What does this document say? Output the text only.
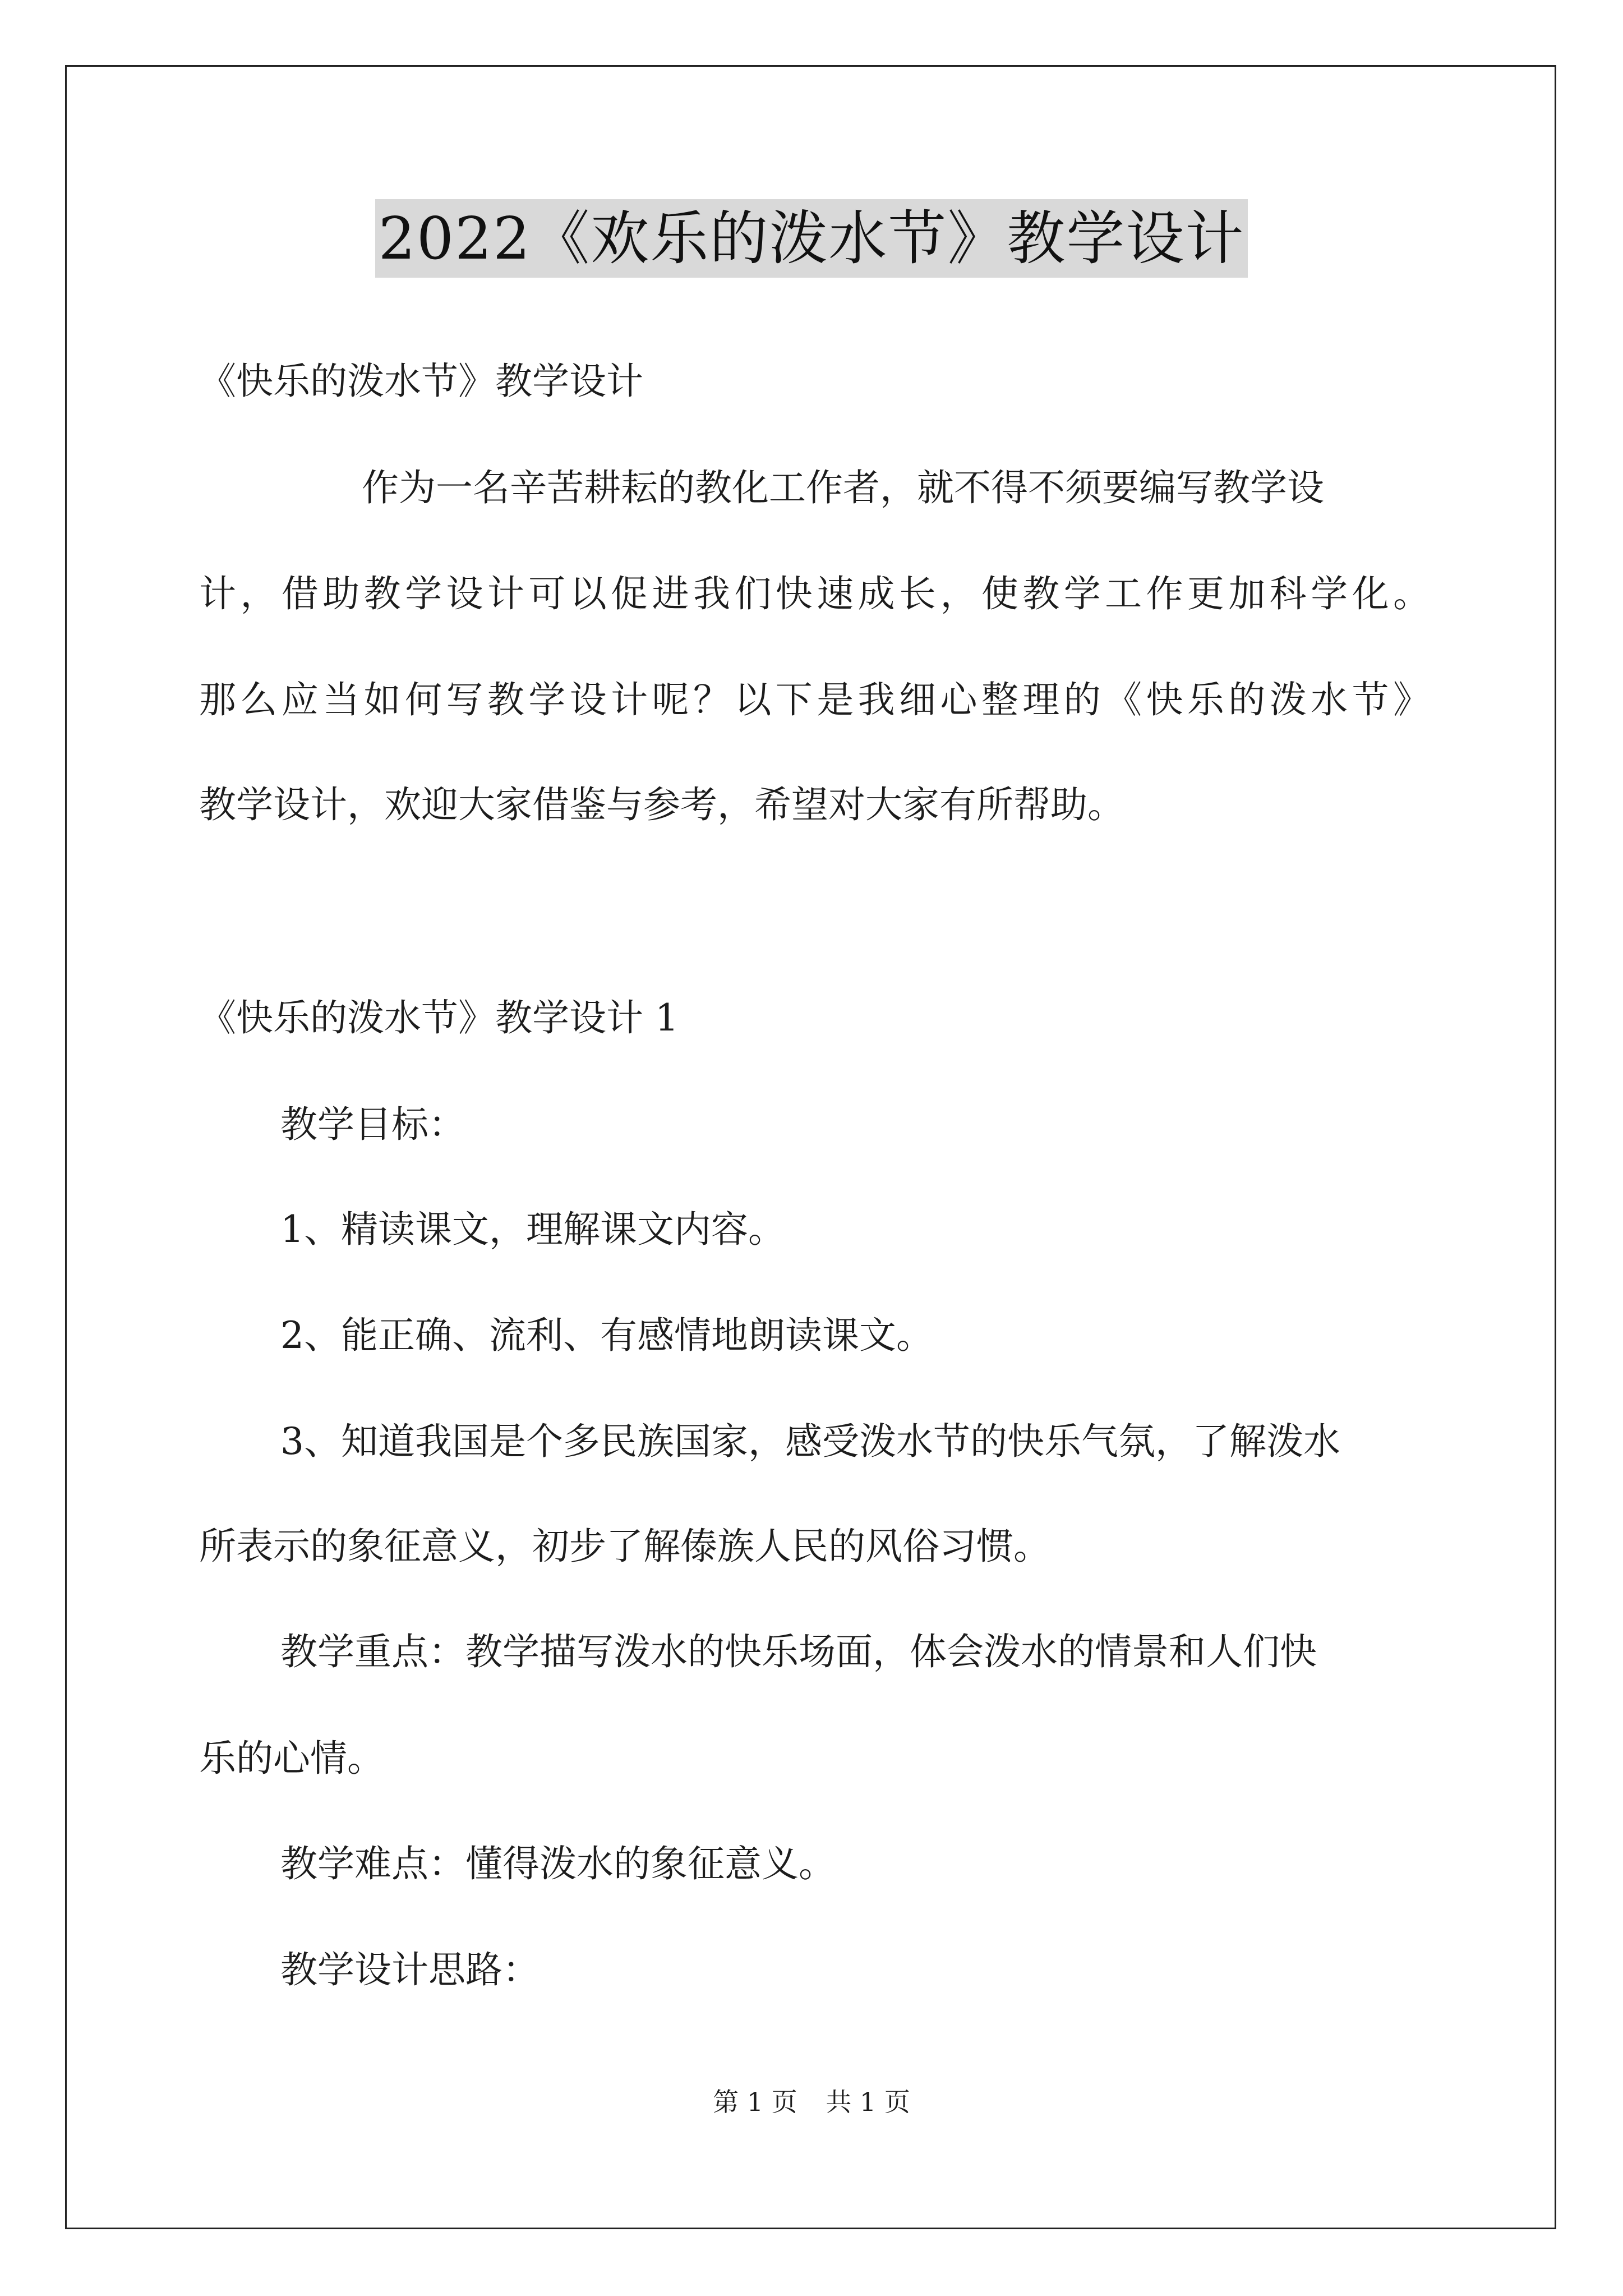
2022《欢乐的泼水节》教学设计
《快乐的泼水节》教学设计
作为一名辛苦耕耘的教化工作者，就不得不须要编写教学设
计，借助教学设计可以促进我们快速成长，使教学工作更加科学化。
那么应当如何写教学设计呢？以下是我细心整理的《快乐的泼水节》
教学设计，欢迎大家借鉴与参考，希望对大家有所帮助。
《快乐的泼水节》教学设计 1
教学目标：
1、精读课文，理解课文内容。
2、能正确、流利、有感情地朗读课文。
3、知道我国是个多民族国家，感受泼水节的快乐气氛，了解泼水
所表示的象征意义，初步了解傣族人民的风俗习惯。
教学重点：教学描写泼水的快乐场面，体会泼水的情景和人们快
乐的心情。
教学难点：懂得泼水的象征意义。
教学设计思路：
第 1 页 共 1 页
